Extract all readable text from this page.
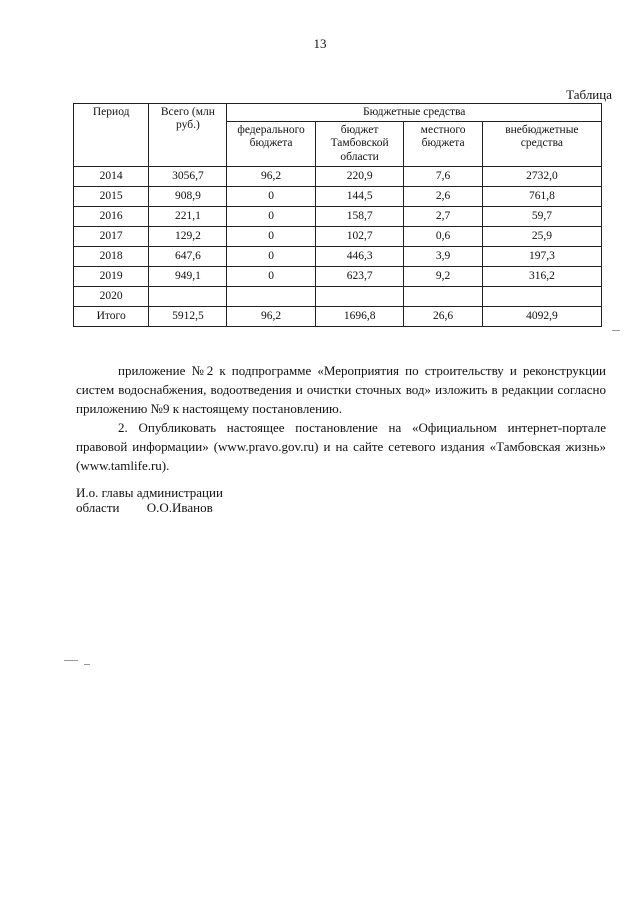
13
Таблица
Период	Всего (млн руб.)	Бюджетные средства			
		федерального бюджета	бюджет Тамбовской области	местного бюджета	внебюджетные средства
2014	3056,7	96,2	220,9	7,6	2732,0
2015	908,9	0	144,5	2,6	761,8
2016	221,1	0	158,7	2,7	59,7
2017	129,2	0	102,7	0,6	25,9
2018	647,6	0	446,3	3,9	197,3
2019	949,1	0	623,7	9,2	316,2
2020					
Итого	5912,5	96,2	1696,8	26,6	4092,9

приложение №2 к подпрограмме «Мероприятия по строительству и реконструкции систем водоснабжения, водоотведения и очистки сточных вод» изложить в редакции согласно приложению №9 к настоящему постановлению.

2. Опубликовать настоящее постановление на «Официальном интернет-портале правовой информации» (www.pravo.gov.ru) и на сайте сетевого издания «Тамбовская жизнь» (www.tamlife.ru).

И.о. главы администрации
области О.О.Иванов
